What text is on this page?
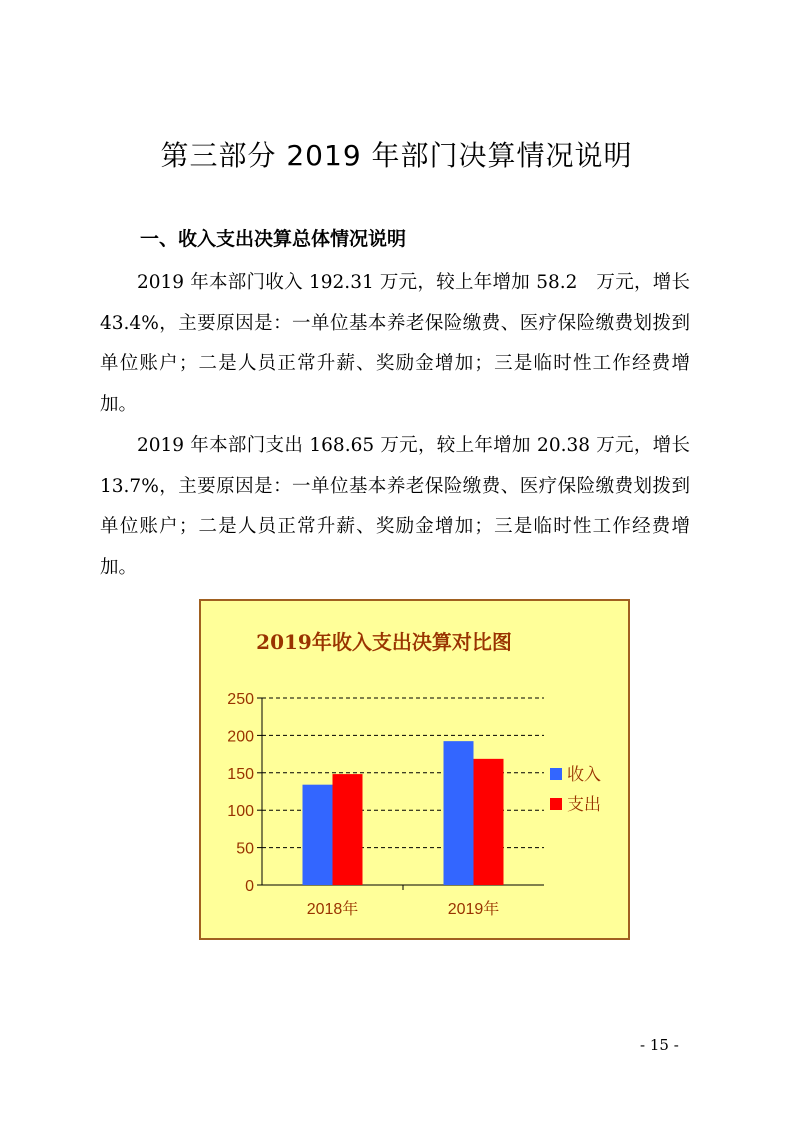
第三部分 2019 年部门决算情况说明
一、收入支出决算总体情况说明

2019 年本部门收入 192.31 万元，较上年增加 58.2　万元，增长 43.4%，主要原因是：一单位基本养老保险缴费、医疗保险缴费划拨到单位账户；二是人员正常升薪、奖励金增加；三是临时性工作经费增加。

2019 年本部门支出 168.65 万元，较上年增加 20.38 万元，增长 13.7%，主要原因是：一单位基本养老保险缴费、医疗保险缴费划拨到单位账户；二是人员正常升薪、奖励金增加；三是临时性工作经费增加。

2019年收入支出决算对比图
0
50
100
150
200
250
2018年	2019年
收入
支出
- 15 -
